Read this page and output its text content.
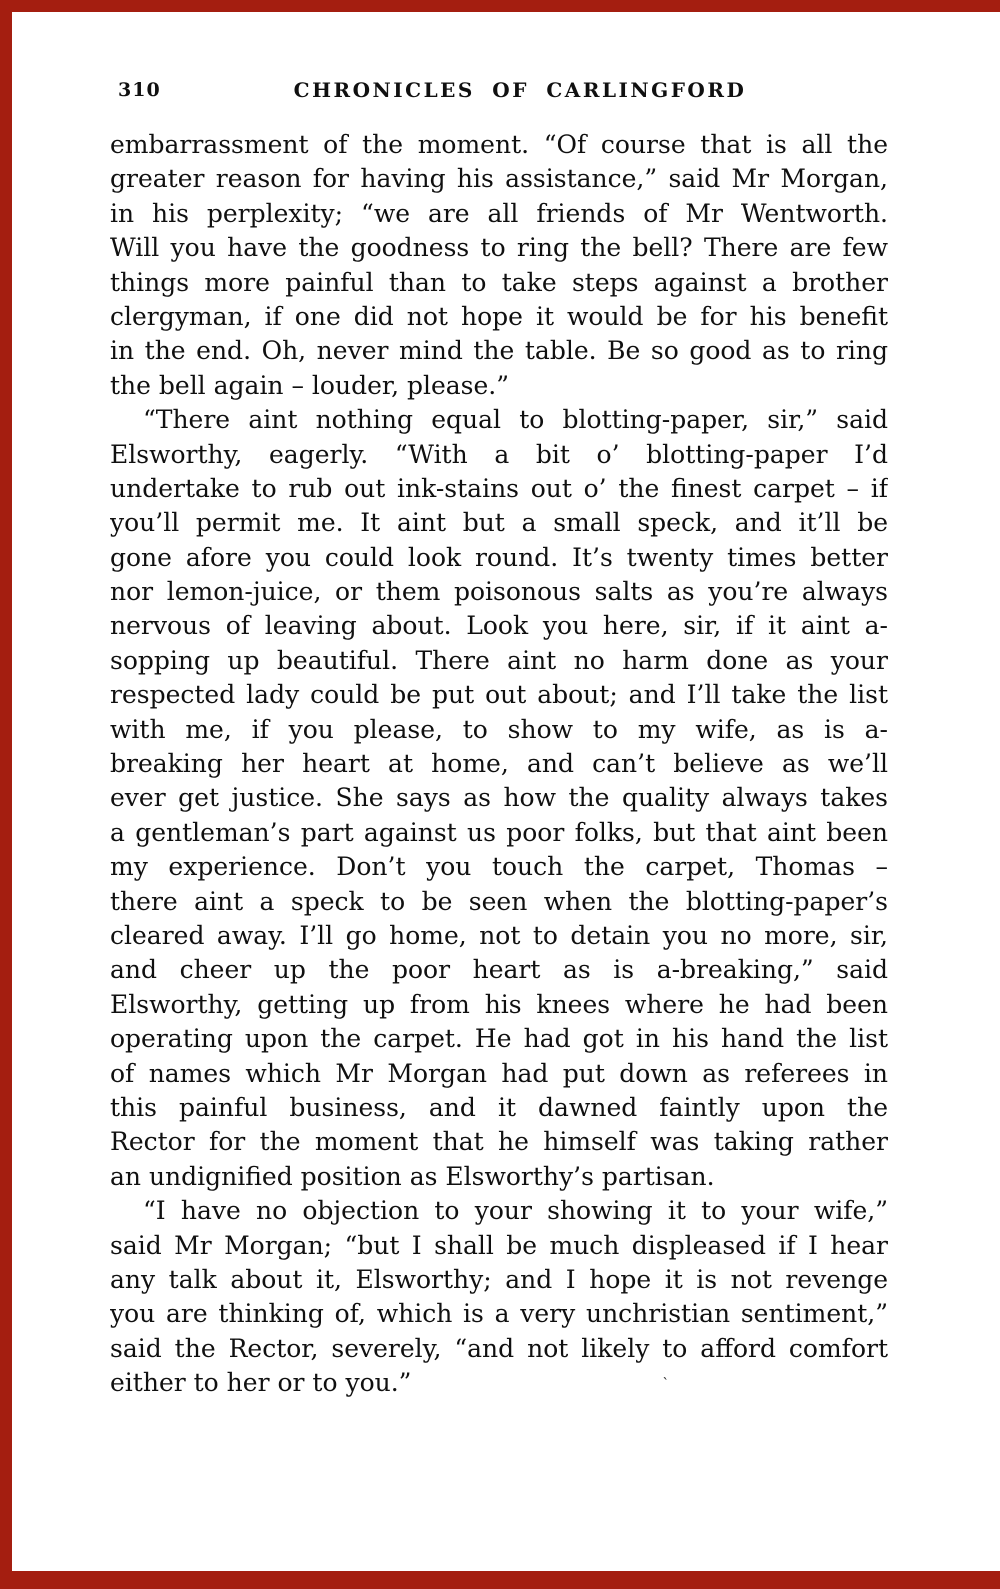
310	CHRONICLES OF CARLINGFORD
embarrassment of the moment. “Of course that is all the
greater reason for having his assistance,” said Mr Morgan,
in his perplexity; “we are all friends of Mr Wentworth.
Will you have the goodness to ring the bell? There are few
things more painful than to take steps against a brother
clergyman, if one did not hope it would be for his benefit
in the end. Oh, never mind the table. Be so good as to ring
the bell again – louder, please.”
“There aint nothing equal to blotting-paper, sir,” said
Elsworthy, eagerly. “With a bit o’ blotting-paper I’d
undertake to rub out ink-stains out o’ the finest carpet – if
you’ll permit me. It aint but a small speck, and it’ll be
gone afore you could look round. It’s twenty times better
nor lemon-juice, or them poisonous salts as you’re always
nervous of leaving about. Look you here, sir, if it aint a-
sopping up beautiful. There aint no harm done as your
respected lady could be put out about; and I’ll take the list
with me, if you please, to show to my wife, as is a-
breaking her heart at home, and can’t believe as we’ll
ever get justice. She says as how the quality always takes
a gentleman’s part against us poor folks, but that aint been
my experience. Don’t you touch the carpet, Thomas –
there aint a speck to be seen when the blotting-paper’s
cleared away. I’ll go home, not to detain you no more, sir,
and cheer up the poor heart as is a-breaking,” said
Elsworthy, getting up from his knees where he had been
operating upon the carpet. He had got in his hand the list
of names which Mr Morgan had put down as referees in
this painful business, and it dawned faintly upon the
Rector for the moment that he himself was taking rather
an undignified position as Elsworthy’s partisan.
“I have no objection to your showing it to your wife,”
said Mr Morgan; “but I shall be much displeased if I hear
any talk about it, Elsworthy; and I hope it is not revenge
you are thinking of, which is a very unchristian sentiment,”
said the Rector, severely, “and not likely to afford comfort
either to her or to you.”	‵
